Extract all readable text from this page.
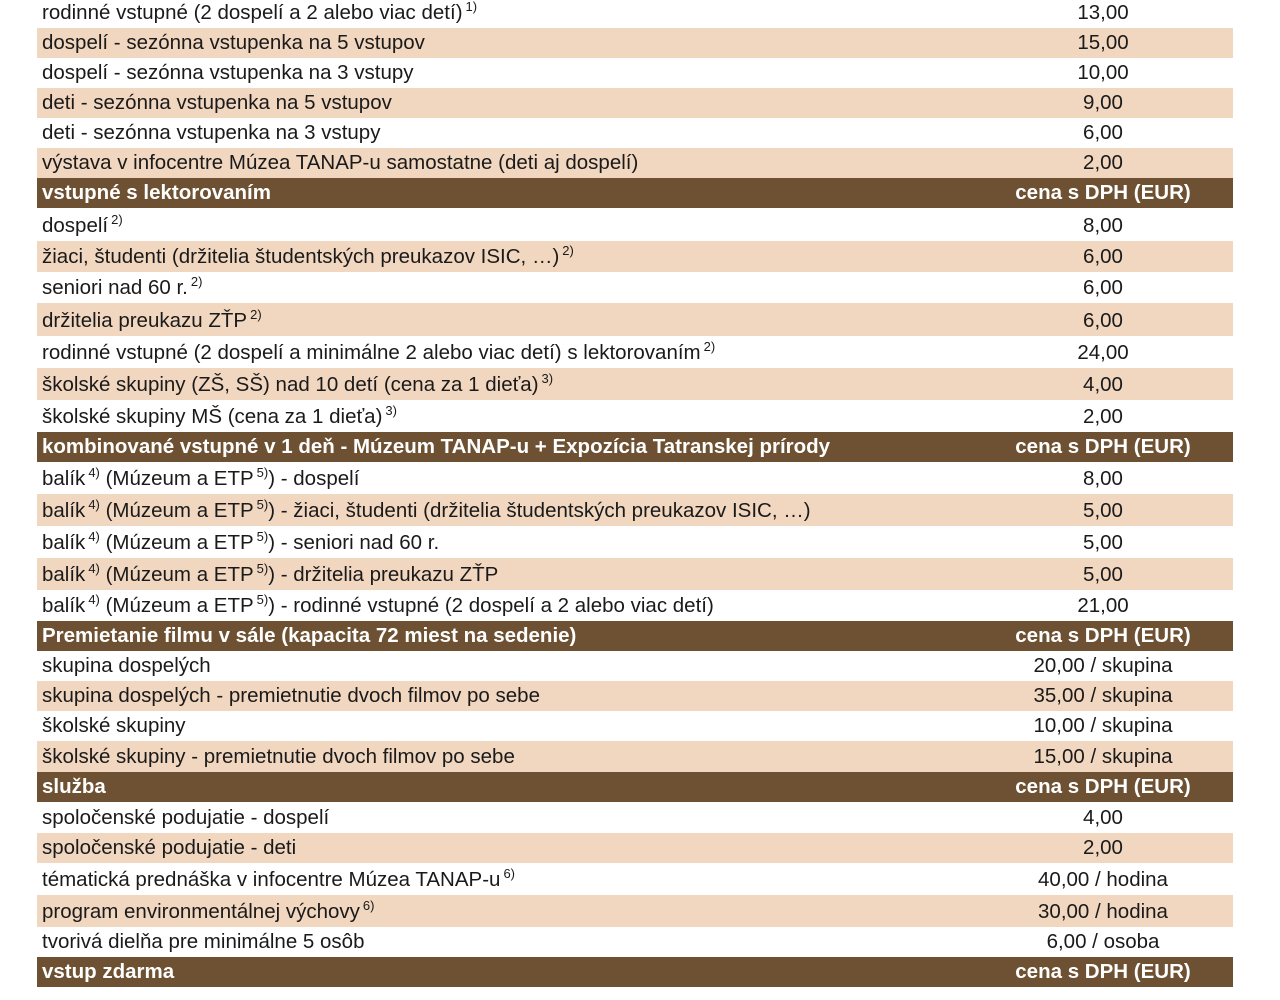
rodinné vstupné (2 dospelí a 2 alebo viac detí) $^{1)}$	13,00
dospelí - sezónna vstupenka na 5 vstupov	15,00
dospelí - sezónna vstupenka na 3 vstupy	10,00
deti - sezónna vstupenka na 5 vstupov	9,00
deti - sezónna vstupenka na 3 vstupy	6,00
výstava v infocentre Múzea TANAP-u samostatne (deti aj dospelí)	2,00
vstupné s lektorovaním	cena s DPH (EUR)
dospelí $^{2)}$	8,00
žiaci, študenti (držitelia študentských preukazov ISIC, …) $^{2)}$	6,00
seniori nad 60 r. $^{2)}$	6,00
držitelia preukazu ZŤP $^{2)}$	6,00
rodinné vstupné (2 dospelí a minimálne 2 alebo viac detí) s lektorovaním $^{2)}$	24,00
školské skupiny (ZŠ, SŠ) nad 10 detí (cena za 1 dieťa) $^{3)}$	4,00
školské skupiny MŠ (cena za 1 dieťa) $^{3)}$	2,00
kombinované vstupné v 1 deň - Múzeum TANAP-u + Expozícia Tatranskej prírody	cena s DPH (EUR)
balík $^{4)}$ (Múzeum a ETP $^{5)}$) - dospelí	8,00
balík $^{4)}$ (Múzeum a ETP $^{5)}$) - žiaci, študenti (držitelia študentských preukazov ISIC, …)	5,00
balík $^{4)}$ (Múzeum a ETP $^{5)}$) - seniori nad 60 r.	5,00
balík $^{4)}$ (Múzeum a ETP $^{5)}$) - držitelia preukazu ZŤP	5,00
balík $^{4)}$ (Múzeum a ETP $^{5)}$) - rodinné vstupné (2 dospelí a 2 alebo viac detí)	21,00
Premietanie filmu v sále (kapacita 72 miest na sedenie)	cena s DPH (EUR)
skupina dospelých	20,00 / skupina
skupina dospelých - premietnutie dvoch filmov po sebe	35,00 / skupina
školské skupiny	10,00 / skupina
školské skupiny - premietnutie dvoch filmov po sebe	15,00 / skupina
služba	cena s DPH (EUR)
spoločenské podujatie - dospelí	4,00
spoločenské podujatie - deti	2,00
tématická prednáška v infocentre Múzea TANAP-u $^{6)}$	40,00 / hodina
program environmentálnej výchovy $^{6)}$	30,00 / hodina
tvorivá dielňa pre minimálne 5 osôb	6,00 / osoba
vstup zdarma	cena s DPH (EUR)
